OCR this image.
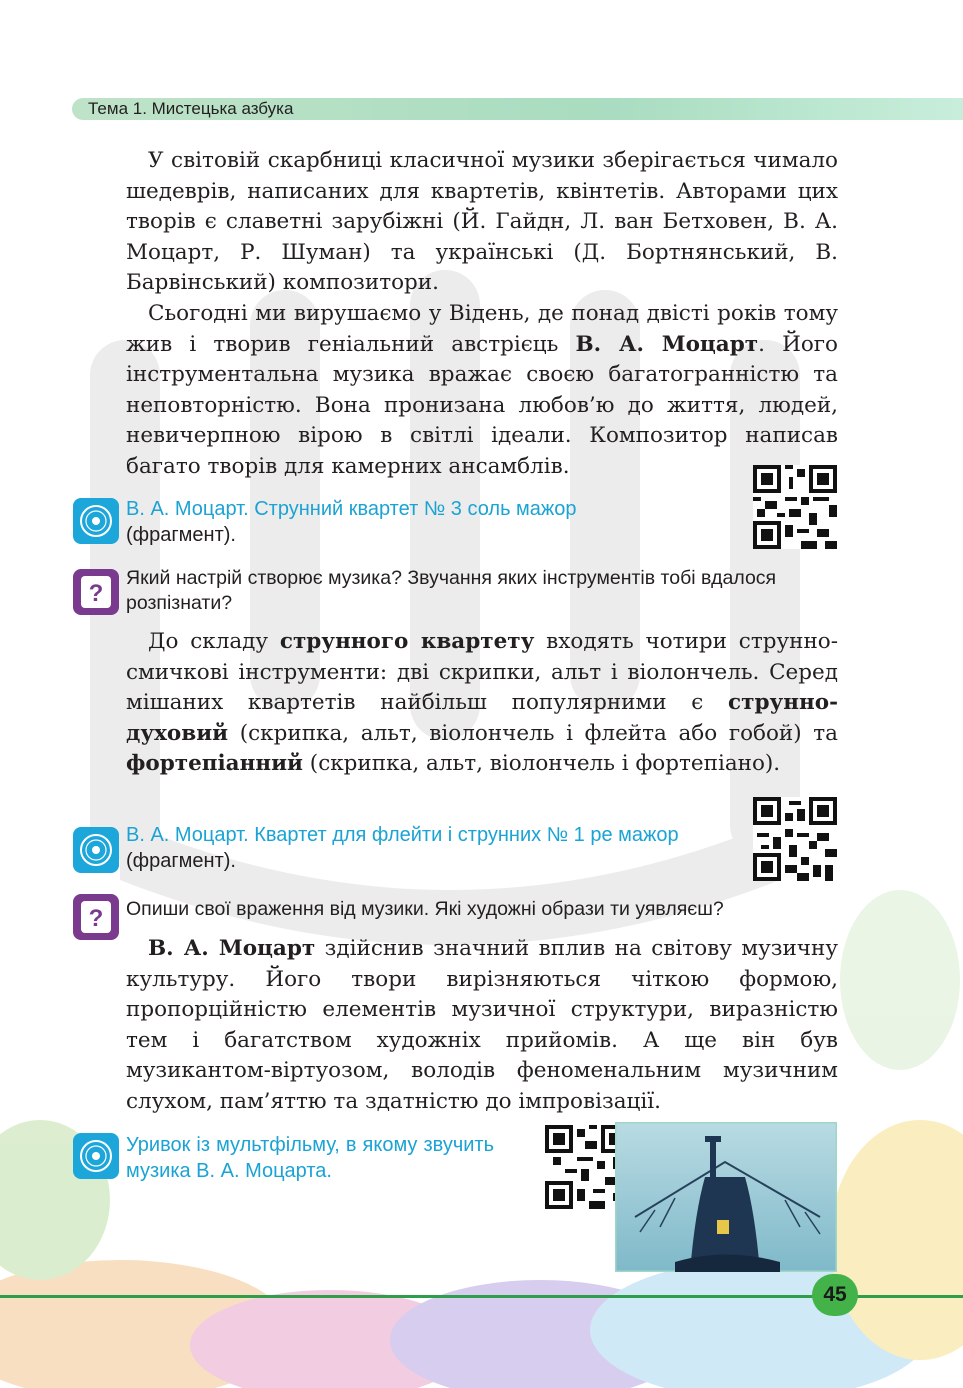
Тема 1. Мистецька азбука

У світовій скарбниці класичної музики зберігається чимало шедеврів, написаних для квартетів, квінтетів. Авторами цих творів є славетні зарубіжні (Й. Гайдн, Л. ван Бетховен, В. А. Моцарт, Р. Шуман) та українські (Д. Бортнянський, В. Барвінський) композитори.

Сьогодні ми вирушаємо у Відень, де понад двісті років тому жив і творив геніальний австрієць В. А. Моцарт. Його інструментальна музика вражає своєю багатогранністю та неповторністю. Вона пронизана любов’ю до життя, людей, невичерпною вірою в світлі ідеали. Композитор написав багато творів для камерних ансамблів.

В. А. Моцарт. Струнний квартет № 3 соль мажор
(фрагмент).
?
Який настрій створює музика? Звучання яких інструментів тобі вдалося розпізнати?

До складу струнного квартету входять чотири струнно-смичкові інструменти: дві скрипки, альт і віолончель. Серед мішаних квартетів найбільш популярними є струнно-духовий (скрипка, альт, віолончель і флейта або гобой) та фортепіанний (скрипка, альт, віолончель і фортепіано).

В. А. Моцарт. Квартет для флейти і струнних № 1 ре мажор (фрагмент).
? Опиши свої враження від музики. Які художні образи ти уявляєш?

В. А. Моцарт здійснив значний вплив на світову музичну культуру. Його твори вирізняються чіткою формою, пропорційністю елементів музичної структури, виразністю тем і багатством художніх прийомів. А ще він був музикантом-віртуозом, володів феноменальним музичним слухом, пам’яттю та здатністю до імпровізації.

Уривок із мультфільму, в якому звучить музика В. А. Моцарта.
45
